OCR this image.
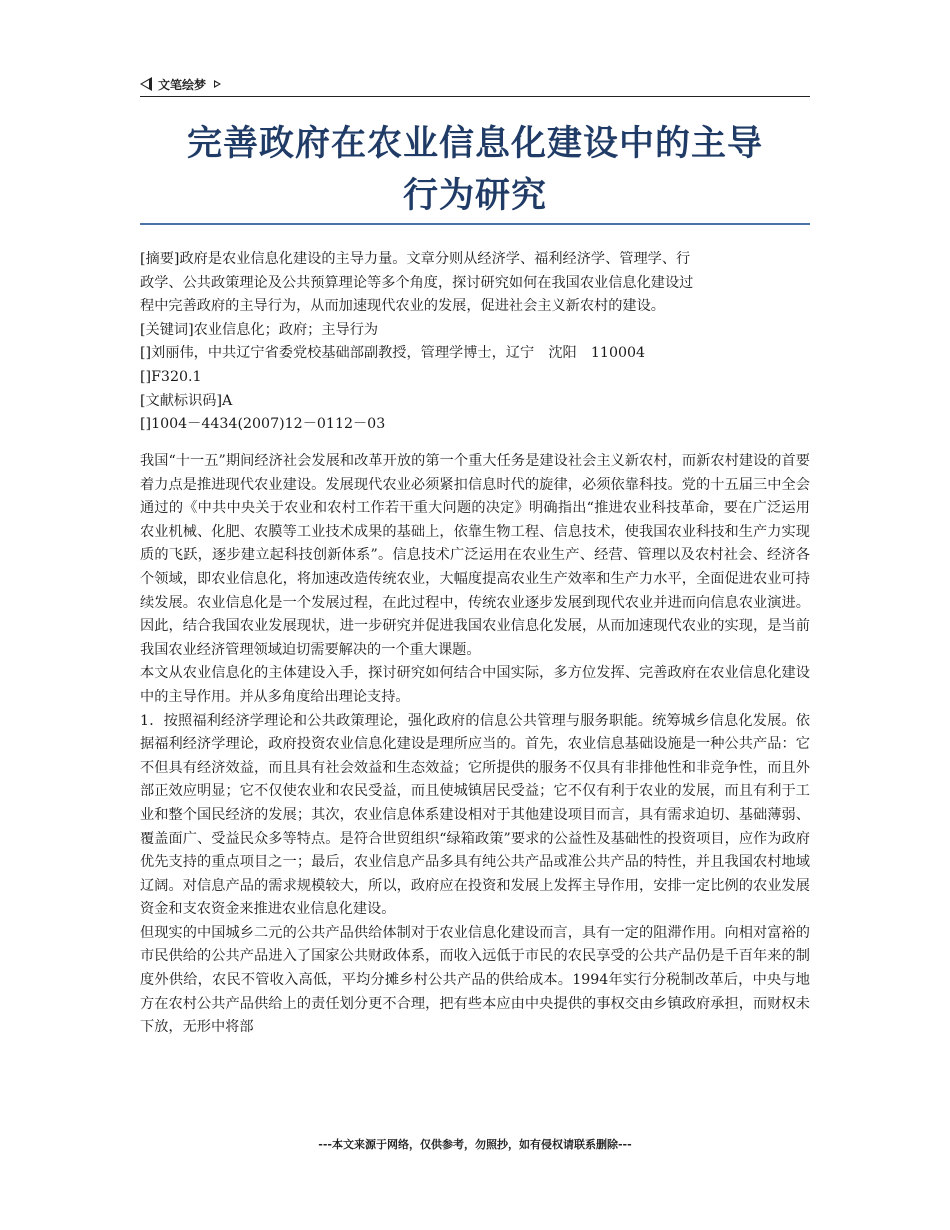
文笔绘梦
完善政府在农业信息化建设中的主导
行为研究
[摘要]政府是农业信息化建设的主导力量。文章分则从经济学、福利经济学、管理学、行
政学、公共政策理论及公共预算理论等多个角度，探讨研究如何在我国农业信息化建设过
程中完善政府的主导行为，从而加速现代农业的发展，促进社会主义新农村的建设。
[关键词]农业信息化；政府；主导行为
[]刘丽伟，中共辽宁省委党校基础部副教授，管理学博士，辽宁　沈阳　110004
[]F320.1
[文献标识码]A
[]1004－4434(2007)12－0112－03

我国“十一五”期间经济社会发展和改革开放的第一个重大任务是建设社会主义新农村，而新农村建设的首要着力点是推进现代农业建设。发展现代农业必须紧扣信息时代的旋律，必须依靠科技。党的十五届三中全会通过的《中共中央关于农业和农村工作若干重大问题的决定》明确指出“推进农业科技革命，要在广泛运用农业机械、化肥、农膜等工业技术成果的基础上，依靠生物工程、信息技术，使我国农业科技和生产力实现质的飞跃，逐步建立起科技创新体系”。信息技术广泛运用在农业生产、经营、管理以及农村社会、经济各个领域，即农业信息化，将加速改造传统农业，大幅度提高农业生产效率和生产力水平，全面促进农业可持续发展。农业信息化是一个发展过程，在此过程中，传统农业逐步发展到现代农业并进而向信息农业演进。因此，结合我国农业发展现状，进一步研究并促进我国农业信息化发展，从而加速现代农业的实现，是当前我国农业经济管理领域迫切需要解决的一个重大课题。

本文从农业信息化的主体建设入手，探讨研究如何结合中国实际，多方位发挥、完善政府在农业信息化建设中的主导作用。并从多角度给出理论支持。

1．按照福利经济学理论和公共政策理论，强化政府的信息公共管理与服务职能。统筹城乡信息化发展。依据福利经济学理论，政府投资农业信息化建设是理所应当的。首先，农业信息基础设施是一种公共产品：它不但具有经济效益，而且具有社会效益和生态效益；它所提供的服务不仅具有非排他性和非竞争性，而且外部正效应明显；它不仅使农业和农民受益，而且使城镇居民受益；它不仅有利于农业的发展，而且有利于工业和整个国民经济的发展；其次，农业信息体系建设相对于其他建设项目而言，具有需求迫切、基础薄弱、覆盖面广、受益民众多等特点。是符合世贸组织“绿箱政策”要求的公益性及基础性的投资项目，应作为政府优先支持的重点项目之一；最后，农业信息产品多具有纯公共产品或准公共产品的特性，并且我国农村地域辽阔。对信息产品的需求规模较大，所以，政府应在投资和发展上发挥主导作用，安排一定比例的农业发展资金和支农资金来推进农业信息化建设。

但现实的中国城乡二元的公共产品供给体制对于农业信息化建设而言，具有一定的阻滞作用。向相对富裕的市民供给的公共产品进入了国家公共财政体系，而收入远低于市民的农民享受的公共产品仍是千百年来的制度外供给，农民不管收入高低，平均分摊乡村公共产品的供给成本。1994年实行分税制改革后，中央与地方在农村公共产品供给上的责任划分更不合理，把有些本应由中央提供的事权交由乡镇政府承担，而财权未下放，无形中将部

---本文来源于网络，仅供参考，勿照抄，如有侵权请联系删除---
